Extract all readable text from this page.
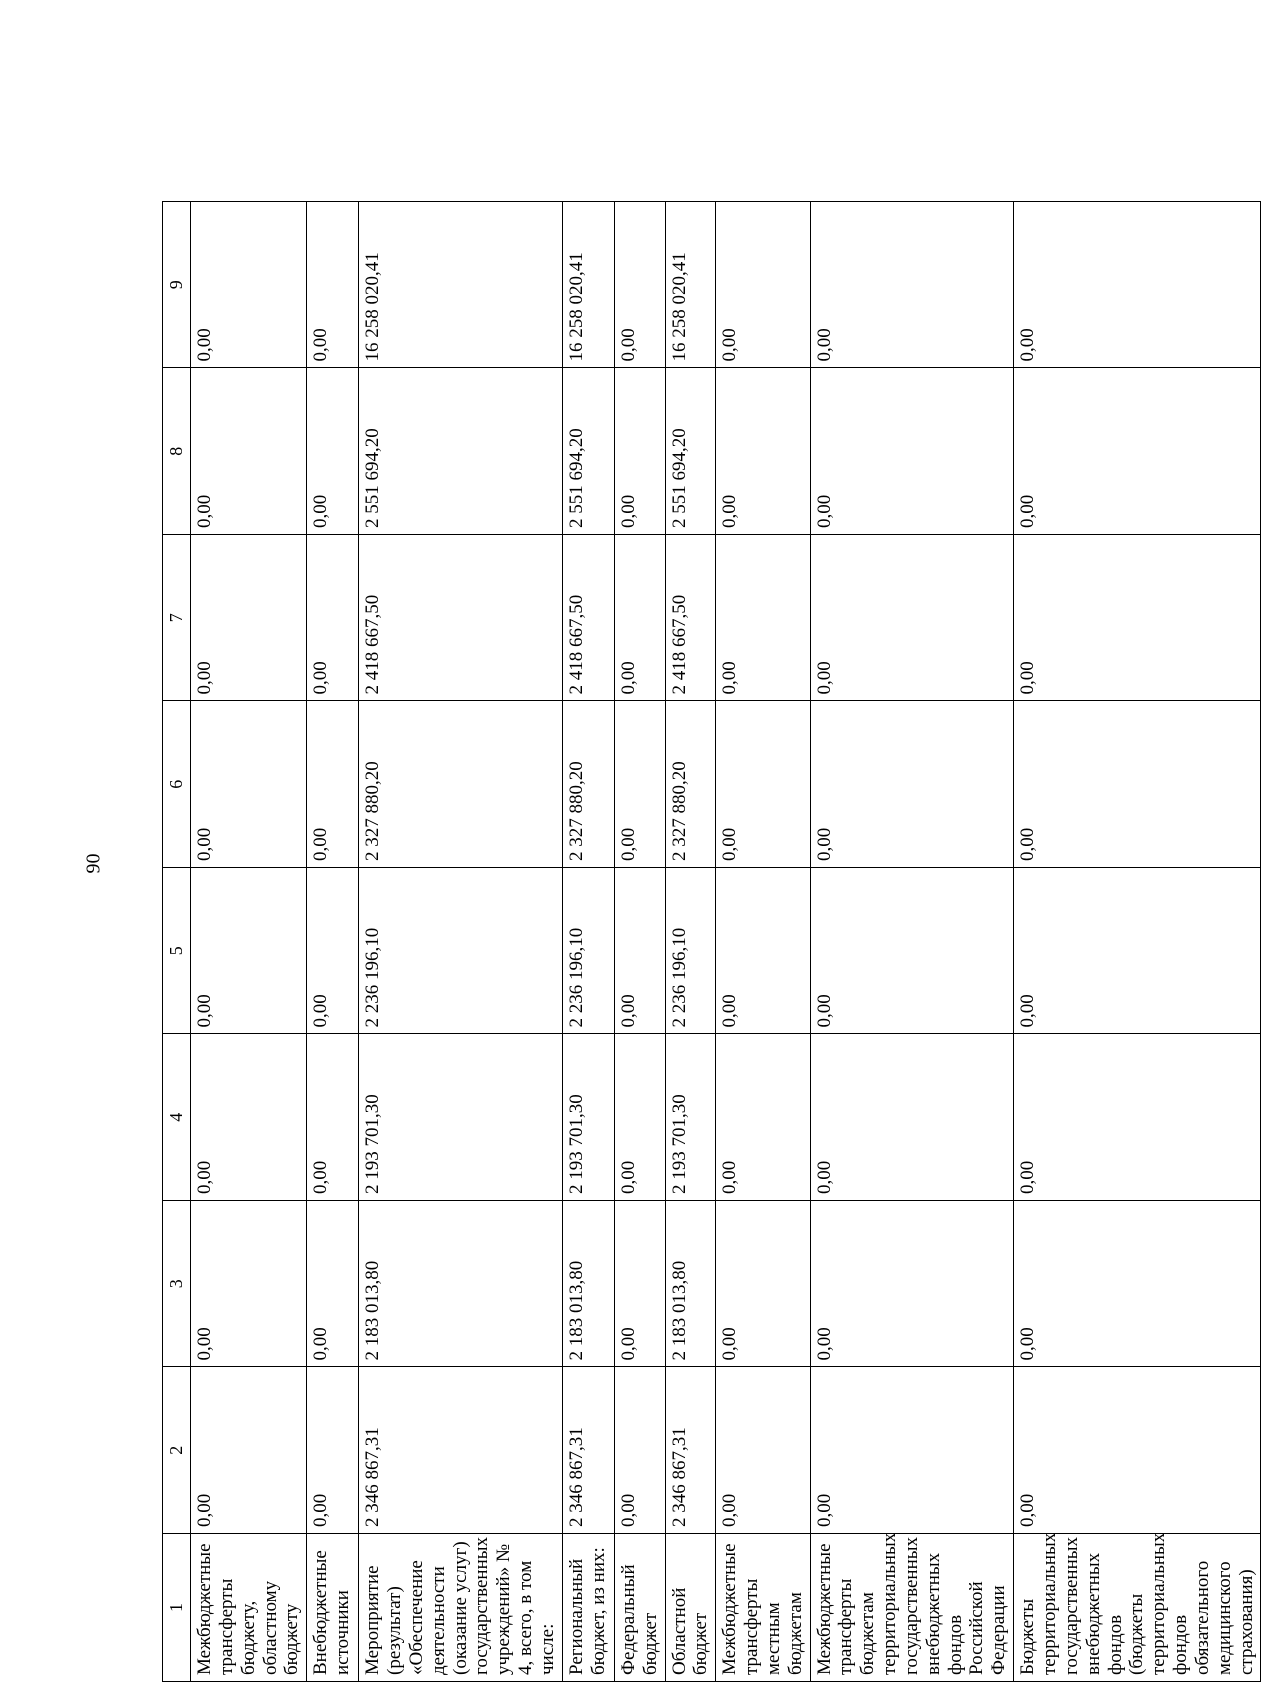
90
1	2	3	4	5	6	7	8	9
Межбюджетные трансферты бюджету, областному бюджету	0,00	0,00	0,00	0,00	0,00	0,00	0,00	0,00
Внебюджетные источники	0,00	0,00	0,00	0,00	0,00	0,00	0,00	0,00
Мероприятие (результат) «Обеспечение деятельности (оказание услуг) государственных учреждений» № 4, всего, в том числе:	2 346 867,31	2 183 013,80	2 193 701,30	2 236 196,10	2 327 880,20	2 418 667,50	2 551 694,20	16 258 020,41
Региональный бюджет, из них:	2 346 867,31	2 183 013,80	2 193 701,30	2 236 196,10	2 327 880,20	2 418 667,50	2 551 694,20	16 258 020,41
Федеральный бюджет	0,00	0,00	0,00	0,00	0,00	0,00	0,00	0,00
Областной бюджет	2 346 867,31	2 183 013,80	2 193 701,30	2 236 196,10	2 327 880,20	2 418 667,50	2 551 694,20	16 258 020,41
Межбюджетные трансферты местным бюджетам	0,00	0,00	0,00	0,00	0,00	0,00	0,00	0,00
Межбюджетные трансферты бюджетам территориальных государственных внебюджетных фондов Российской Федерации	0,00	0,00	0,00	0,00	0,00	0,00	0,00	0,00
Бюджеты территориальных государственных внебюджетных фондов (бюджеты территориальных фондов обязательного медицинского страхования)	0,00	0,00	0,00	0,00	0,00	0,00	0,00	0,00
